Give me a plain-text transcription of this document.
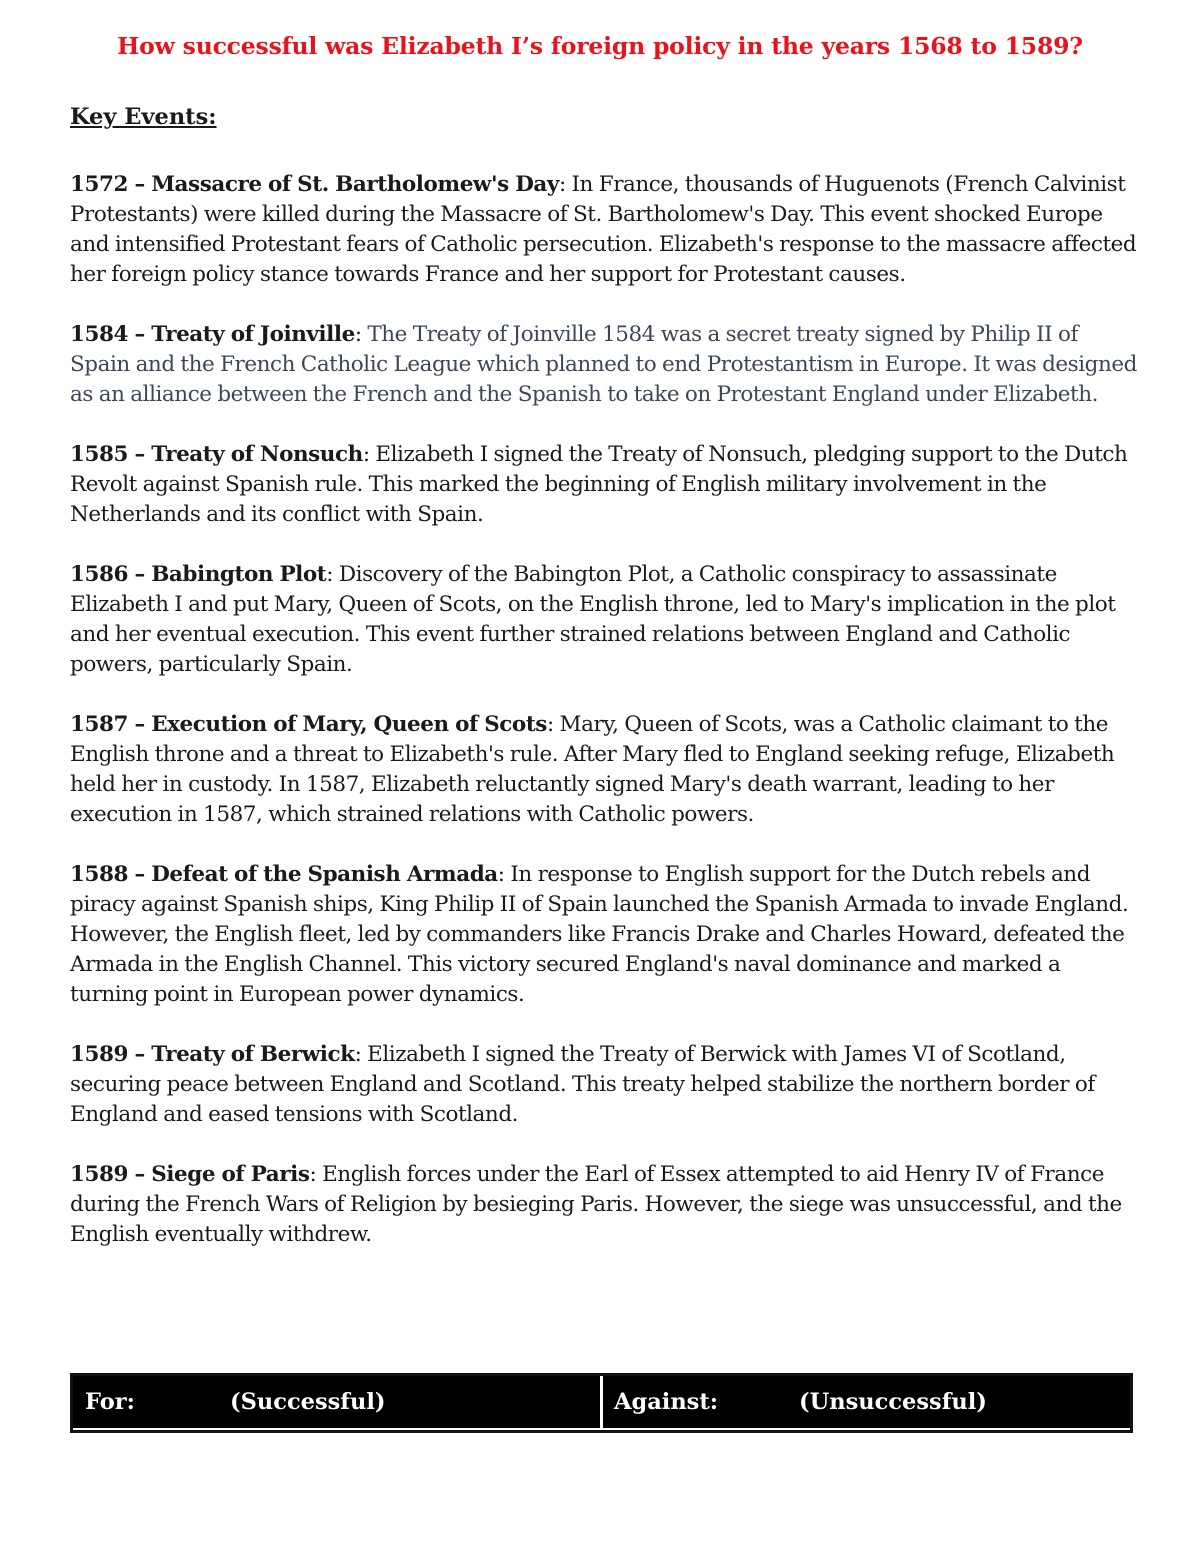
How successful was Elizabeth I’s foreign policy in the years 1568 to 1589?
Key Events:

1572 – Massacre of St. Bartholomew's Day: In France, thousands of Huguenots (French Calvinist Protestants) were killed during the Massacre of St. Bartholomew's Day. This event shocked Europe and intensified Protestant fears of Catholic persecution. Elizabeth's response to the massacre affected her foreign policy stance towards France and her support for Protestant causes.

1584 – Treaty of Joinville: The Treaty of Joinville 1584 was a secret treaty signed by Philip II of Spain and the French Catholic League which planned to end Protestantism in Europe. It was designed as an alliance between the French and the Spanish to take on Protestant England under Elizabeth.

1585 – Treaty of Nonsuch: Elizabeth I signed the Treaty of Nonsuch, pledging support to the Dutch Revolt against Spanish rule. This marked the beginning of English military involvement in the Netherlands and its conflict with Spain.

1586 – Babington Plot: Discovery of the Babington Plot, a Catholic conspiracy to assassinate Elizabeth I and put Mary, Queen of Scots, on the English throne, led to Mary's implication in the plot and her eventual execution. This event further strained relations between England and Catholic powers, particularly Spain.

1587 – Execution of Mary, Queen of Scots: Mary, Queen of Scots, was a Catholic claimant to the English throne and a threat to Elizabeth's rule. After Mary fled to England seeking refuge, Elizabeth held her in custody. In 1587, Elizabeth reluctantly signed Mary's death warrant, leading to her execution in 1587, which strained relations with Catholic powers.

1588 – Defeat of the Spanish Armada: In response to English support for the Dutch rebels and piracy against Spanish ships, King Philip II of Spain launched the Spanish Armada to invade England. However, the English fleet, led by commanders like Francis Drake and Charles Howard, defeated the Armada in the English Channel. This victory secured England's naval dominance and marked a turning point in European power dynamics.

1589 – Treaty of Berwick: Elizabeth I signed the Treaty of Berwick with James VI of Scotland, securing peace between England and Scotland. This treaty helped stabilize the northern border of England and eased tensions with Scotland.

1589 – Siege of Paris: English forces under the Earl of Essex attempted to aid Henry IV of France during the French Wars of Religion by besieging Paris. However, the siege was unsuccessful, and the English eventually withdrew.

For:	(Successful)	Against:	(Unsuccessful)
